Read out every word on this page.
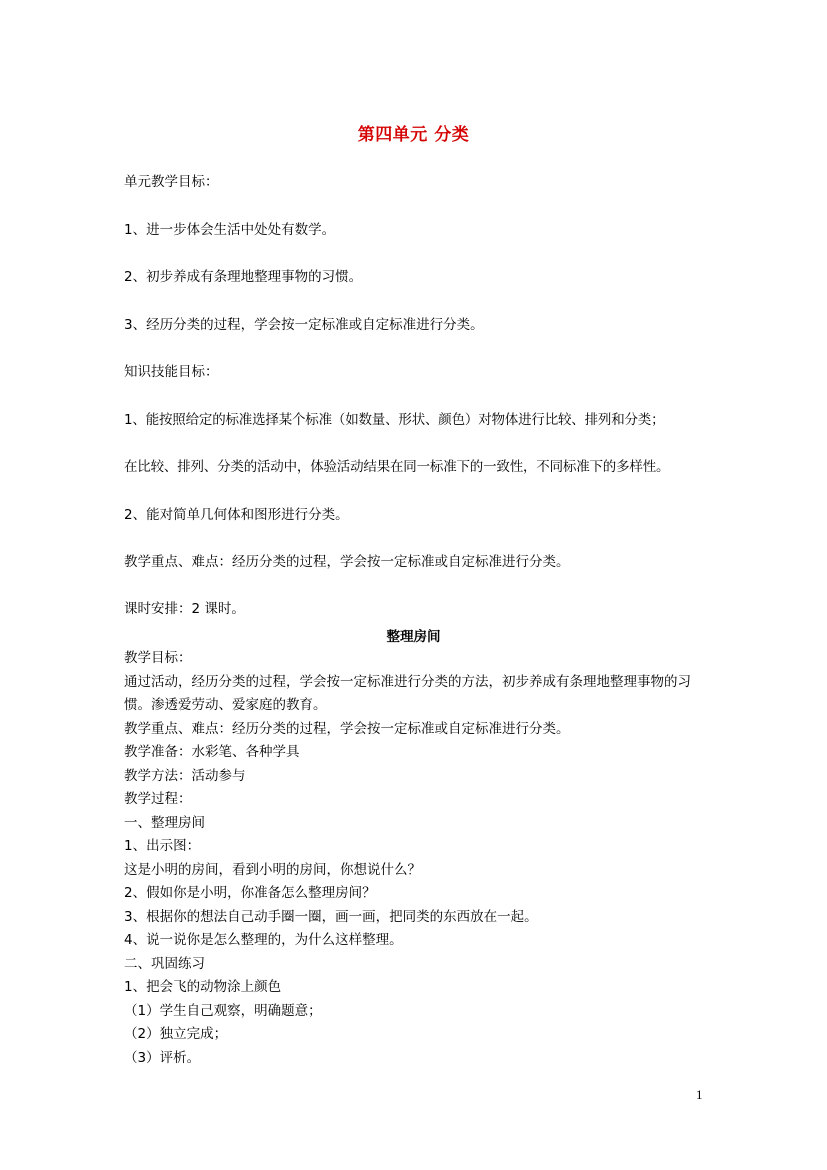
第四单元 分类
单元教学目标：
1、进一步体会生活中处处有数学。
2、初步养成有条理地整理事物的习惯。
3、经历分类的过程，学会按一定标准或自定标准进行分类。
知识技能目标：
1、能按照给定的标准选择某个标准（如数量、形状、颜色）对物体进行比较、排列和分类；
在比较、排列、分类的活动中，体验活动结果在同一标准下的一致性，不同标准下的多样性。
2、能对简单几何体和图形进行分类。
教学重点、难点：经历分类的过程，学会按一定标准或自定标准进行分类。
课时安排：2 课时。
整理房间
教学目标：
通过活动，经历分类的过程，学会按一定标准进行分类的方法，初步养成有条理地整理事物的习惯。渗透爱劳动、爱家庭的教育。
教学重点、难点：经历分类的过程，学会按一定标准或自定标准进行分类。
教学准备：水彩笔、各种学具
教学方法：活动参与
教学过程：
一、整理房间
1、出示图：
这是小明的房间，看到小明的房间，你想说什么？
2、假如你是小明，你准备怎么整理房间？
3、根据你的想法自己动手圈一圈，画一画，把同类的东西放在一起。
4、说一说你是怎么整理的，为什么这样整理。
二、巩固练习
1、把会飞的动物涂上颜色
（1）学生自己观察，明确题意；
（2）独立完成；
（3）评析。
1
